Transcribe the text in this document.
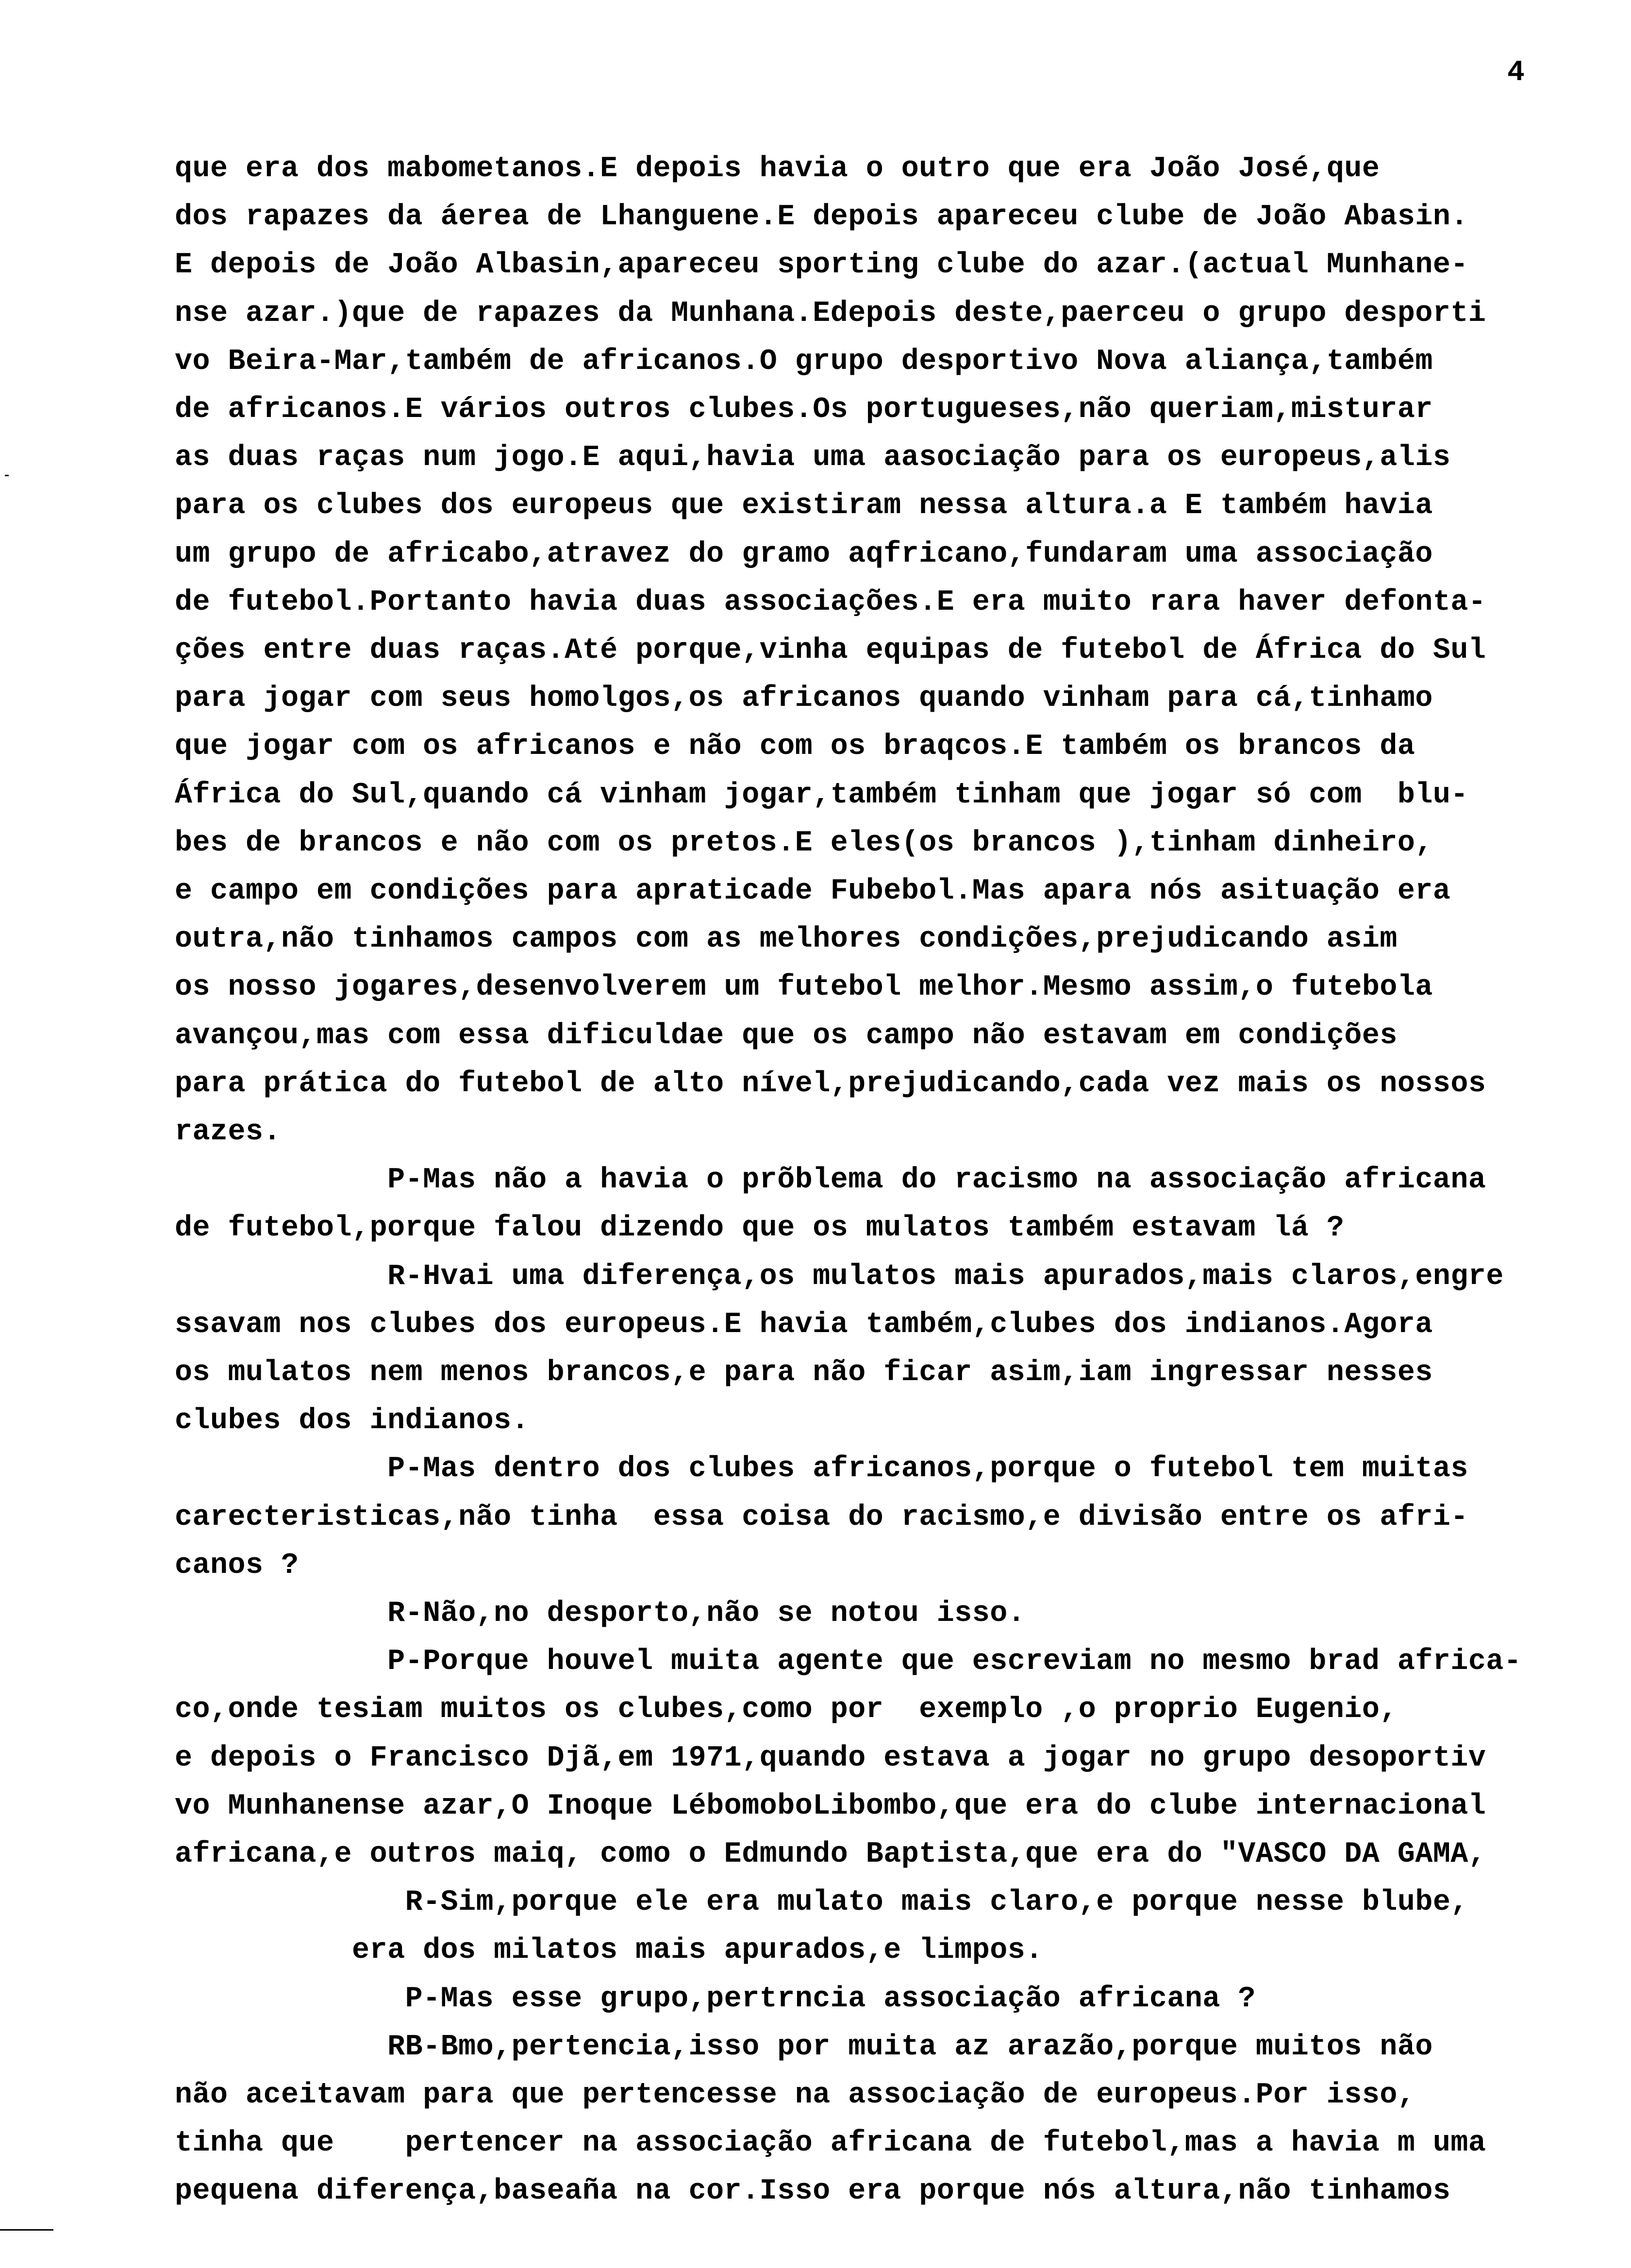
4
que era dos mabometanos.E depois havia o outro que era João José,que
dos rapazes da áerea de Lhanguene.E depois apareceu clube de João Abasin.
E depois de João Albasin,apareceu sporting clube do azar.(actual Munhane-
nse azar.)que de rapazes da Munhana.Edepois deste,paerceu o grupo desporti
vo Beira-Mar,também de africanos.O grupo desportivo Nova aliança,também
de africanos.E vários outros clubes.Os portugueses,não queriam,misturar
as duas raças num jogo.E aqui,havia uma aasociação para os europeus,alis
para os clubes dos europeus que existiram nessa altura.a E também havia
um grupo de africabo,atravez do gramo aqfricano,fundaram uma associação
de futebol.Portanto havia duas associações.E era muito rara haver defonta-
ções entre duas raças.Até porque,vinha equipas de futebol de África do Sul
para jogar com seus homolgos,os africanos quando vinham para cá,tinhamo
que jogar com os africanos e não com os braqcos.E também os brancos da
África do Sul,quando cá vinham jogar,também tinham que jogar só com  blu-
bes de brancos e não com os pretos.E eles(os brancos ),tinham dinheiro,
e campo em condições para apraticade Fubebol.Mas apara nós asituação era
outra,não tinhamos campos com as melhores condições,prejudicando asim
os nosso jogares,desenvolverem um futebol melhor.Mesmo assim,o futebola
avançou,mas com essa dificuldae que os campo não estavam em condições
para prática do futebol de alto nível,prejudicando,cada vez mais os nossos
razes.
P-Mas não a havia o prõblema do racismo na associação africana
de futebol,porque falou dizendo que os mulatos também estavam lá ?
R-Hvai uma diferença,os mulatos mais apurados,mais claros,engre
ssavam nos clubes dos europeus.E havia também,clubes dos indianos.Agora
os mulatos nem menos brancos,e para não ficar asim,iam ingressar nesses
clubes dos indianos.
P-Mas dentro dos clubes africanos,porque o futebol tem muitas
carecteristicas,não tinha  essa coisa do racismo,e divisão entre os afri-
canos ?
R-Não,no desporto,não se notou isso.
P-Porque houvel muita agente que escreviam no mesmo brad africa-
co,onde tesiam muitos os clubes,como por  exemplo ,o proprio Eugenio,
e depois o Francisco Djã,em 1971,quando estava a jogar no grupo desoportiv
vo Munhanense azar,O Inoque LébomoboLibombo,que era do clube internacional
africana,e outros maiq, como o Edmundo Baptista,que era do "VASCO DA GAMA,
R-Sim,porque ele era mulato mais claro,e porque nesse blube,
era dos milatos mais apurados,e limpos.
P-Mas esse grupo,pertrncia associação africana ?
RB-Bmo,pertencia,isso por muita az arazão,porque muitos não
não aceitavam para que pertencesse na associação de europeus.Por isso,
tinha que    pertencer na associação africana de futebol,mas a havia m uma
pequena diferença,baseaña na cor.Isso era porque nós altura,não tinhamos
